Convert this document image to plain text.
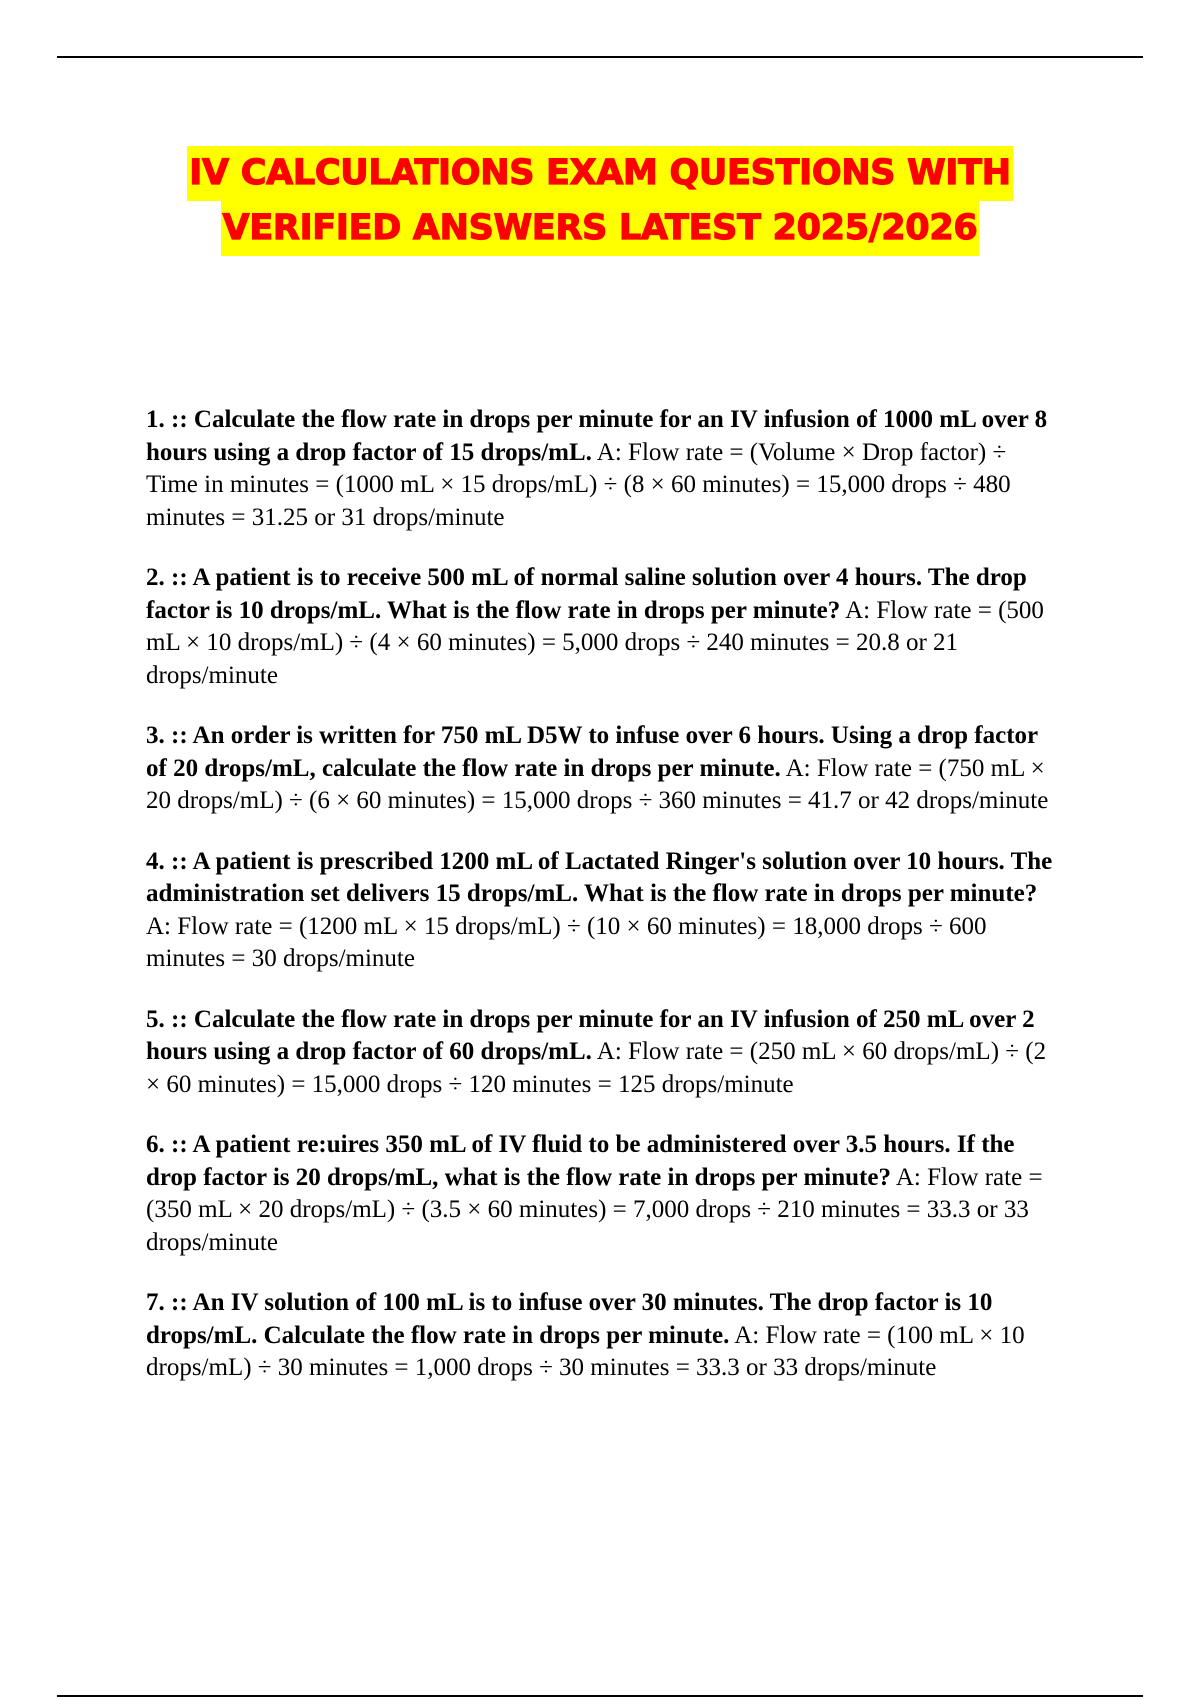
IV CALCULATIONS EXAM QUESTIONS WITH
VERIFIED ANSWERS LATEST 2025/2026
1. :: Calculate the flow rate in drops per minute for an IV infusion of 1000 mL over 8 hours using a drop factor of 15 drops/mL. A: Flow rate = (Volume × Drop factor) ÷ Time in minutes = (1000 mL × 15 drops/mL) ÷ (8 × 60 minutes) = 15,000 drops ÷ 480 minutes = 31.25 or 31 drops/minute
2. :: A patient is to receive 500 mL of normal saline solution over 4 hours. The drop factor is 10 drops/mL. What is the flow rate in drops per minute? A: Flow rate = (500 mL × 10 drops/mL) ÷ (4 × 60 minutes) = 5,000 drops ÷ 240 minutes = 20.8 or 21 drops/minute
3. :: An order is written for 750 mL D5W to infuse over 6 hours. Using a drop factor of 20 drops/mL, calculate the flow rate in drops per minute. A: Flow rate = (750 mL × 20 drops/mL) ÷ (6 × 60 minutes) = 15,000 drops ÷ 360 minutes = 41.7 or 42 drops/minute
4. :: A patient is prescribed 1200 mL of Lactated Ringer's solution over 10 hours. The administration set delivers 15 drops/mL. What is the flow rate in drops per minute? A: Flow rate = (1200 mL × 15 drops/mL) ÷ (10 × 60 minutes) = 18,000 drops ÷ 600 minutes = 30 drops/minute
5. :: Calculate the flow rate in drops per minute for an IV infusion of 250 mL over 2 hours using a drop factor of 60 drops/mL. A: Flow rate = (250 mL × 60 drops/mL) ÷ (2 × 60 minutes) = 15,000 drops ÷ 120 minutes = 125 drops/minute
6. :: A patient re:uires 350 mL of IV fluid to be administered over 3.5 hours. If the drop factor is 20 drops/mL, what is the flow rate in drops per minute? A: Flow rate = (350 mL × 20 drops/mL) ÷ (3.5 × 60 minutes) = 7,000 drops ÷ 210 minutes = 33.3 or 33 drops/minute
7. :: An IV solution of 100 mL is to infuse over 30 minutes. The drop factor is 10 drops/mL. Calculate the flow rate in drops per minute. A: Flow rate = (100 mL × 10 drops/mL) ÷ 30 minutes = 1,000 drops ÷ 30 minutes = 33.3 or 33 drops/minute
